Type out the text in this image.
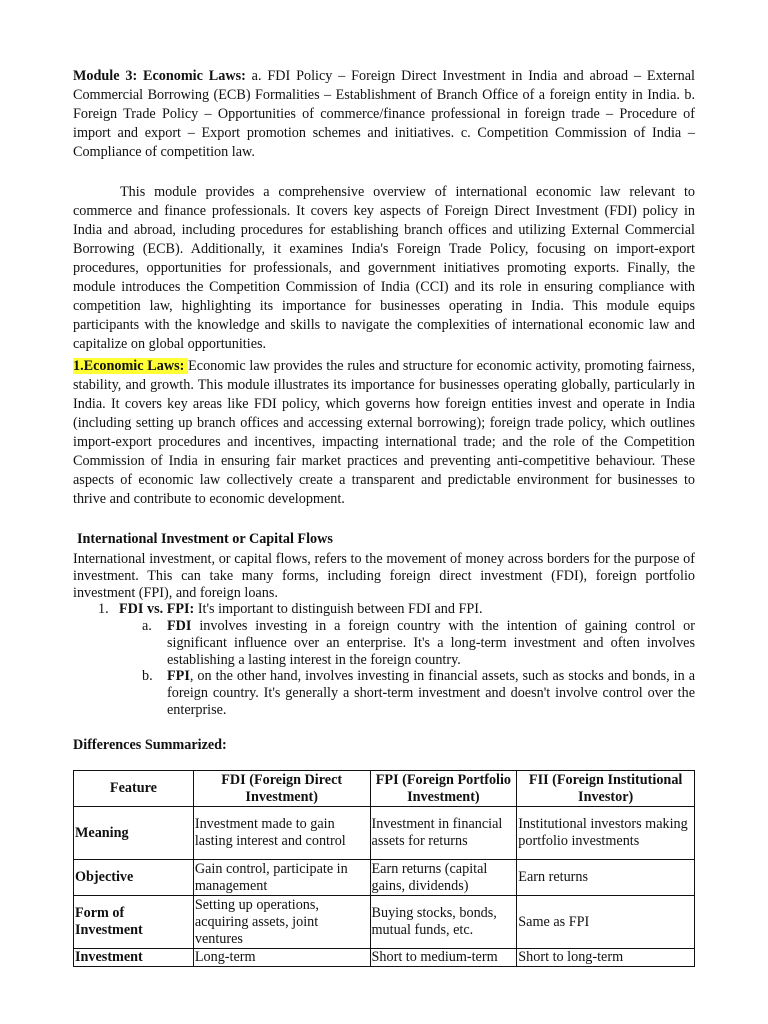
Module 3: Economic Laws: a. FDI Policy – Foreign Direct Investment in India and abroad – External Commercial Borrowing (ECB) Formalities – Establishment of Branch Office of a foreign entity in India. b. Foreign Trade Policy – Opportunities of commerce/finance professional in foreign trade – Procedure of import and export – Export promotion schemes and initiatives. c. Competition Commission of India – Compliance of competition law.

This module provides a comprehensive overview of international economic law relevant to commerce and finance professionals. It covers key aspects of Foreign Direct Investment (FDI) policy in India and abroad, including procedures for establishing branch offices and utilizing External Commercial Borrowing (ECB). Additionally, it examines India's Foreign Trade Policy, focusing on import-export procedures, opportunities for professionals, and government initiatives promoting exports. Finally, the module introduces the Competition Commission of India (CCI) and its role in ensuring compliance with competition law, highlighting its importance for businesses operating in India. This module equips participants with the knowledge and skills to navigate the complexities of international economic law and capitalize on global opportunities.

1.Economic Laws: Economic law provides the rules and structure for economic activity, promoting fairness, stability, and growth. This module illustrates its importance for businesses operating globally, particularly in India. It covers key areas like FDI policy, which governs how foreign entities invest and operate in India (including setting up branch offices and accessing external borrowing); foreign trade policy, which outlines import-export procedures and incentives, impacting international trade; and the role of the Competition Commission of India in ensuring fair market practices and preventing anti-competitive behaviour. These aspects of economic law collectively create a transparent and predictable environment for businesses to thrive and contribute to economic development.

International Investment or Capital Flows

International investment, or capital flows, refers to the movement of money across borders for the purpose of investment. This can take many forms, including foreign direct investment (FDI), foreign portfolio investment (FPI), and foreign loans.

1. FDI vs. FPI: It's important to distinguish between FDI and FPI.

a. FDI involves investing in a foreign country with the intention of gaining control or significant influence over an enterprise. It's a long-term investment and often involves establishing a lasting interest in the foreign country.

b. FPI, on the other hand, involves investing in financial assets, such as stocks and bonds, in a foreign country. It's generally a short-term investment and doesn't involve control over the enterprise.

Differences Summarized:
Feature	FDI (Foreign Direct Investment)	FPI (Foreign Portfolio Investment)	FII (Foreign Institutional Investor)
Meaning	Investment made to gain lasting interest and control	Investment in financial assets for returns	Institutional investors making portfolio investments
Objective	Gain control, participate in management	Earn returns (capital gains, dividends)	Earn returns
Form of Investment	Setting up operations, acquiring assets, joint ventures	Buying stocks, bonds, mutual funds, etc.	Same as FPI
Investment	Long-term	Short to medium-term	Short to long-term
